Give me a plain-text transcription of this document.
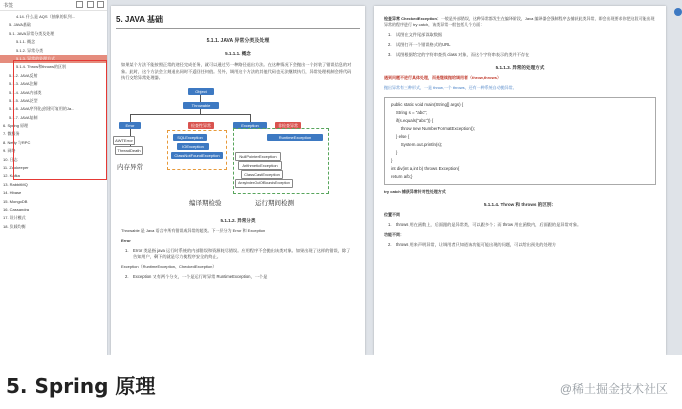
书签

4.14. 什么是 AQS（抽象的队列...
5. JAVA基础
5.1. JAVA异常分类及处理
5.1.1. 概念
5.1.2. 异常分类
5.1.3. 异常的处理方式
5.1.4. Throw和throws的区别
5.1.2. JAVA反射
5.1.3. JAVA注解
5.1.4. JAVA内部类
5.1.5. JAVA泛型
5.1.6. JAVA序列化(创建可复用的Ja...
5.1.7. JAVA复制
6. Spring 原理
7. 微服务
8. Netty 与RPC
9. 网络
10. 日志
11. Zookeeper
12. Kafka
13. RabbitMQ
14. Hbase
15. MongoDB
16. Cassandra
17. 设计模式
18. 负载均衡
5. JAVA 基础
5.1.1. JAVA 异常分类及处理
5.1.1.1. 概念
如果某个方法不能按照正常的途径完成任务，就可以通过另一种路径退出方法。在这种情况下会抛出一个封装了错误信息的对象。此时，这个方法会立刻退出同时不返回任何值。另外，调用这个方法的其他代码也无法继续执行，异常处理机制会将代码执行交给异常处理器。
Object
Throwable
Error	检查性异常	Exception	非检查异常
AWTError
ThreadDeath
SQLException
IOException
ClassNotFoundException
RuntimeException
NullPointerException
ArithmeticException
ClassCastException
ArrayIndexOutOfBoundsException
内存异常
编译期检验	运行期间检测
5.1.1.2. 异常分类
Throwable 是 Java 语言中所有错误或异常的超类。下一层分为 Error 和 Exception
Error
1.	Error 类是指 java 运行时系统的内部错误和资源耗尽错误。应用程序不会抛出该类对象。如果出现了这样的错误，除了告知用户，剩下的就是尽力使程序安全的终止。
Exception（RuntimeException、CheckedException）
2.	Exception 又有两个分支，一个是运行时异常 RuntimeException，一个是
检查异常 CheckedException：一般是外部错误，这种异常都发生在编译阶段，Java 编译器会强制程序去捕获此类异常，即会出现要求你把这段可能出现异常的程序进行 try catch，该类异常一般包括几个方面：
1.	试图在文件尾部读取数据
2.	试图打开一个错误格式的URL
3.	试图根据给定的字符串查找 class 对象，而这个字符串表示的类并不存在
5.1.1.3. 异常的处理方式
遇到问题不进行具体处理，而是继续抛给调用者（throw,throws）
抛出异常有三种形式，一是 throw,一个 throws，还有一种系统自动抛异常。
public static void main(String[] args) {
String s = "abc";
if(s.equals("abc")) {
throw new NumberFormatException();
} else {
System.out.println(s);
}
}
int div(int a,int b) throws Exception{
return a/b;}
try catch 捕获异常针对性处理方式
5.1.1.4. Throw 和 throws 的区别：
位置不同
1.	throws 用在函数上，后面跟的是异常类，可以跟多个；而 throw 用在函数内，后面跟的是异常对象。
功能不同：
2.	throws 用来声明异常，让调用者只知道该功能可能出现的问题，可以给出预先的处理方
5. Spring 原理	@稀土掘金技术社区
